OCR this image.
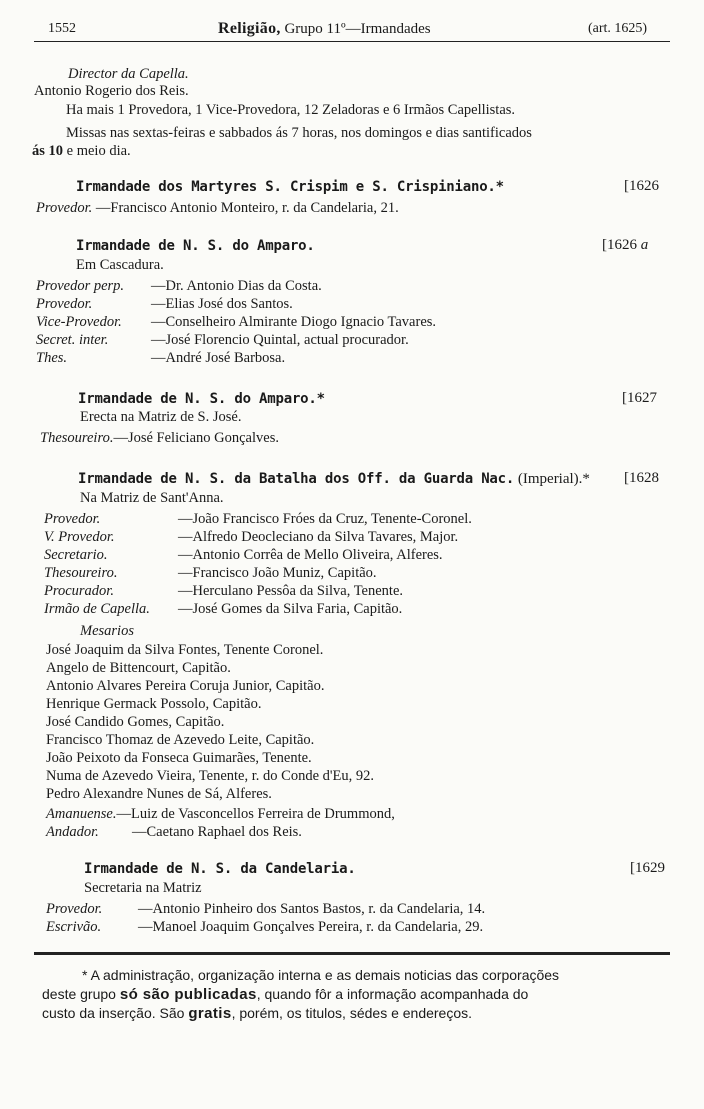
1552	Religião, Grupo 11º—Irmandades	(art. 1625)
Director da Capella.
Antonio Rogerio dos Reis.
Ha mais 1 Provedora, 1 Vice-Provedora, 12 Zeladoras e 6 Irmãos Capellistas.
Missas nas sextas-feiras e sabbados ás 7 horas, nos domingos e dias santificados
ás 10 e meio dia.
Irmandade dos Martyres S. Crispim e S. Crispiniano.*	[1626
Provedor. —Francisco Antonio Monteiro, r. da Candelaria, 21.
Irmandade de N. S. do Amparo.	[1626 a
Em Cascadura.
Provedor perp. —Dr. Antonio Dias da Costa.
Provedor.	—Elias José dos Santos.
Vice-Provedor. —Conselheiro Almirante Diogo Ignacio Tavares.
Secret. inter.	—José Florencio Quintal, actual procurador.
Thes.	—André José Barbosa.
Irmandade de N. S. do Amparo.*	[1627
Erecta na Matriz de S. José.
Thesoureiro.—José Feliciano Gonçalves.
Irmandade de N. S. da Batalha dos Off. da Guarda Nac. (Imperial).* [1628
Na Matriz de Sant'Anna.
Provedor.	—João Francisco Fróes da Cruz, Tenente-Coronel.
V. Provedor.	—Alfredo Deocleciano da Silva Tavares, Major.
Secretario.	—Antonio Corrêa de Mello Oliveira, Alferes.
Thesoureiro.	—Francisco João Muniz, Capitão.
Procurador.	—Herculano Pessôa da Silva, Tenente.
Irmão de Capella. —José Gomes da Silva Faria, Capitão.
Mesarios
José Joaquim da Silva Fontes, Tenente Coronel.
Angelo de Bittencourt, Capitão.
Antonio Alvares Pereira Coruja Junior, Capitão.
Henrique Germack Possolo, Capitão.
José Candido Gomes, Capitão.
Francisco Thomaz de Azevedo Leite, Capitão.
João Peixoto da Fonseca Guimarães, Tenente.
Numa de Azevedo Vieira, Tenente, r. do Conde d'Eu, 92.
Pedro Alexandre Nunes de Sá, Alferes.
Amanuense.—Luiz de Vasconcellos Ferreira de Drummond,
Andador. —Caetano Raphael dos Reis.
Irmandade de N. S. da Candelaria.	[1629
Secretaria na Matriz
Provedor. —Antonio Pinheiro dos Santos Bastos, r. da Candelaria, 14.
Escrivão.	—Manoel Joaquim Gonçalves Pereira, r. da Candelaria, 29.
* A administração, organização interna e as demais noticias das corporações
deste grupo só são publicadas, quando fôr a informação acompanhada do
custo da inserção. São gratis, porém, os titulos, sédes e endereços.
